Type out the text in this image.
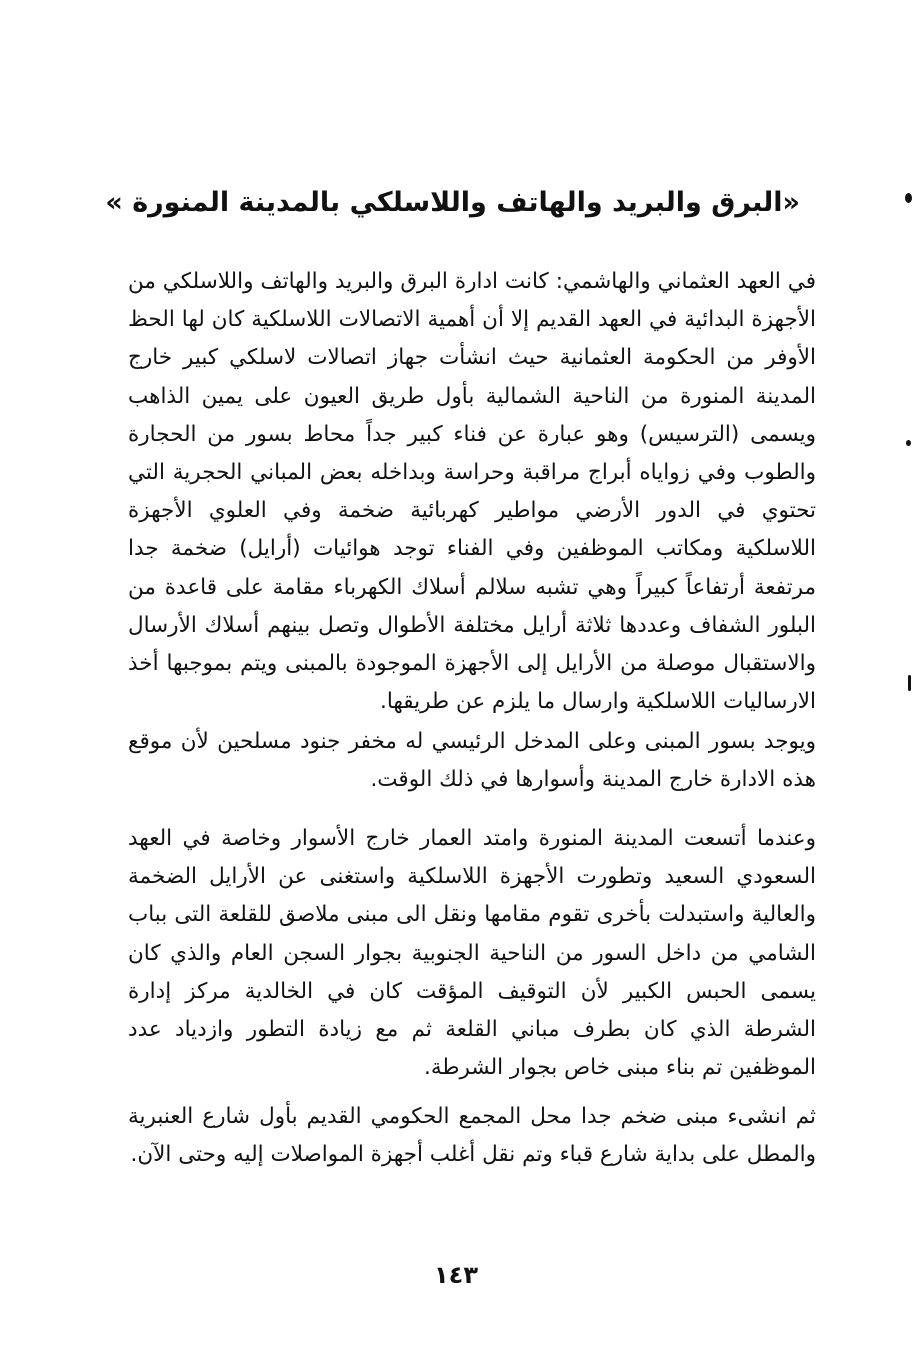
«البرق والبريد والهاتف واللاسلكي بالمدينة المنورة »

في العهد العثماني والهاشمي: كانت ادارة البرق والبريد والهاتف واللاسلكي من الأجهزة البدائية في العهد القديم إلا أن أهمية الاتصالات اللاسلكية كان لها الحظ الأوفر من الحكومة العثمانية حيث انشأت جهاز اتصالات لاسلكي كبير خارج المدينة المنورة من الناحية الشمالية بأول طريق العيون على يمين الذاهب ويسمى (الترسيس) وهو عبارة عن فناء كبير جداً محاط بسور من الحجارة والطوب وفي زواياه أبراج مراقبة وحراسة وبداخله بعض المباني الحجرية التي تحتوي في الدور الأرضي مواطير كهربائية ضخمة وفي العلوي الأجهزة اللاسلكية ومكاتب الموظفين وفي الفناء توجد هوائيات (أرايل) ضخمة جدا مرتفعة أرتفاعاً كبيراً وهي تشبه سلالم أسلاك الكهرباء مقامة على قاعدة من البلور الشفاف وعددها ثلاثة أرايل مختلفة الأطوال وتصل بينهم أسلاك الأرسال والاستقبال موصلة من الأرايل إلى الأجهزة الموجودة بالمبنى ويتم بموجبها أخذ الارساليات اللاسلكية وارسال ما يلزم عن طريقها.

ويوجد بسور المبنى وعلى المدخل الرئيسي له مخفر جنود مسلحين لأن موقع هذه الادارة خارج المدينة وأسوارها في ذلك الوقت.

وعندما أتسعت المدينة المنورة وامتد العمار خارج الأسوار وخاصة في العهد السعودي السعيد وتطورت الأجهزة اللاسلكية واستغنى عن الأرايل الضخمة والعالية واستبدلت بأخرى تقوم مقامها ونقل الى مبنى ملاصق للقلعة التى بباب الشامي من داخل السور من الناحية الجنوبية بجوار السجن العام والذي كان يسمى الحبس الكبير لأن التوقيف المؤقت كان في الخالدية مركز إدارة الشرطة الذي كان بطرف مباني القلعة ثم مع زيادة التطور وازدياد عدد الموظفين تم بناء مبنى خاص بجوار الشرطة.

ثم انشىء مبنى ضخم جدا محل المجمع الحكومي القديم بأول شارع العنبرية والمطل على بداية شارع قباء وتم نقل أغلب أجهزة المواصلات إليه وحتى الآن.

١٤٣
